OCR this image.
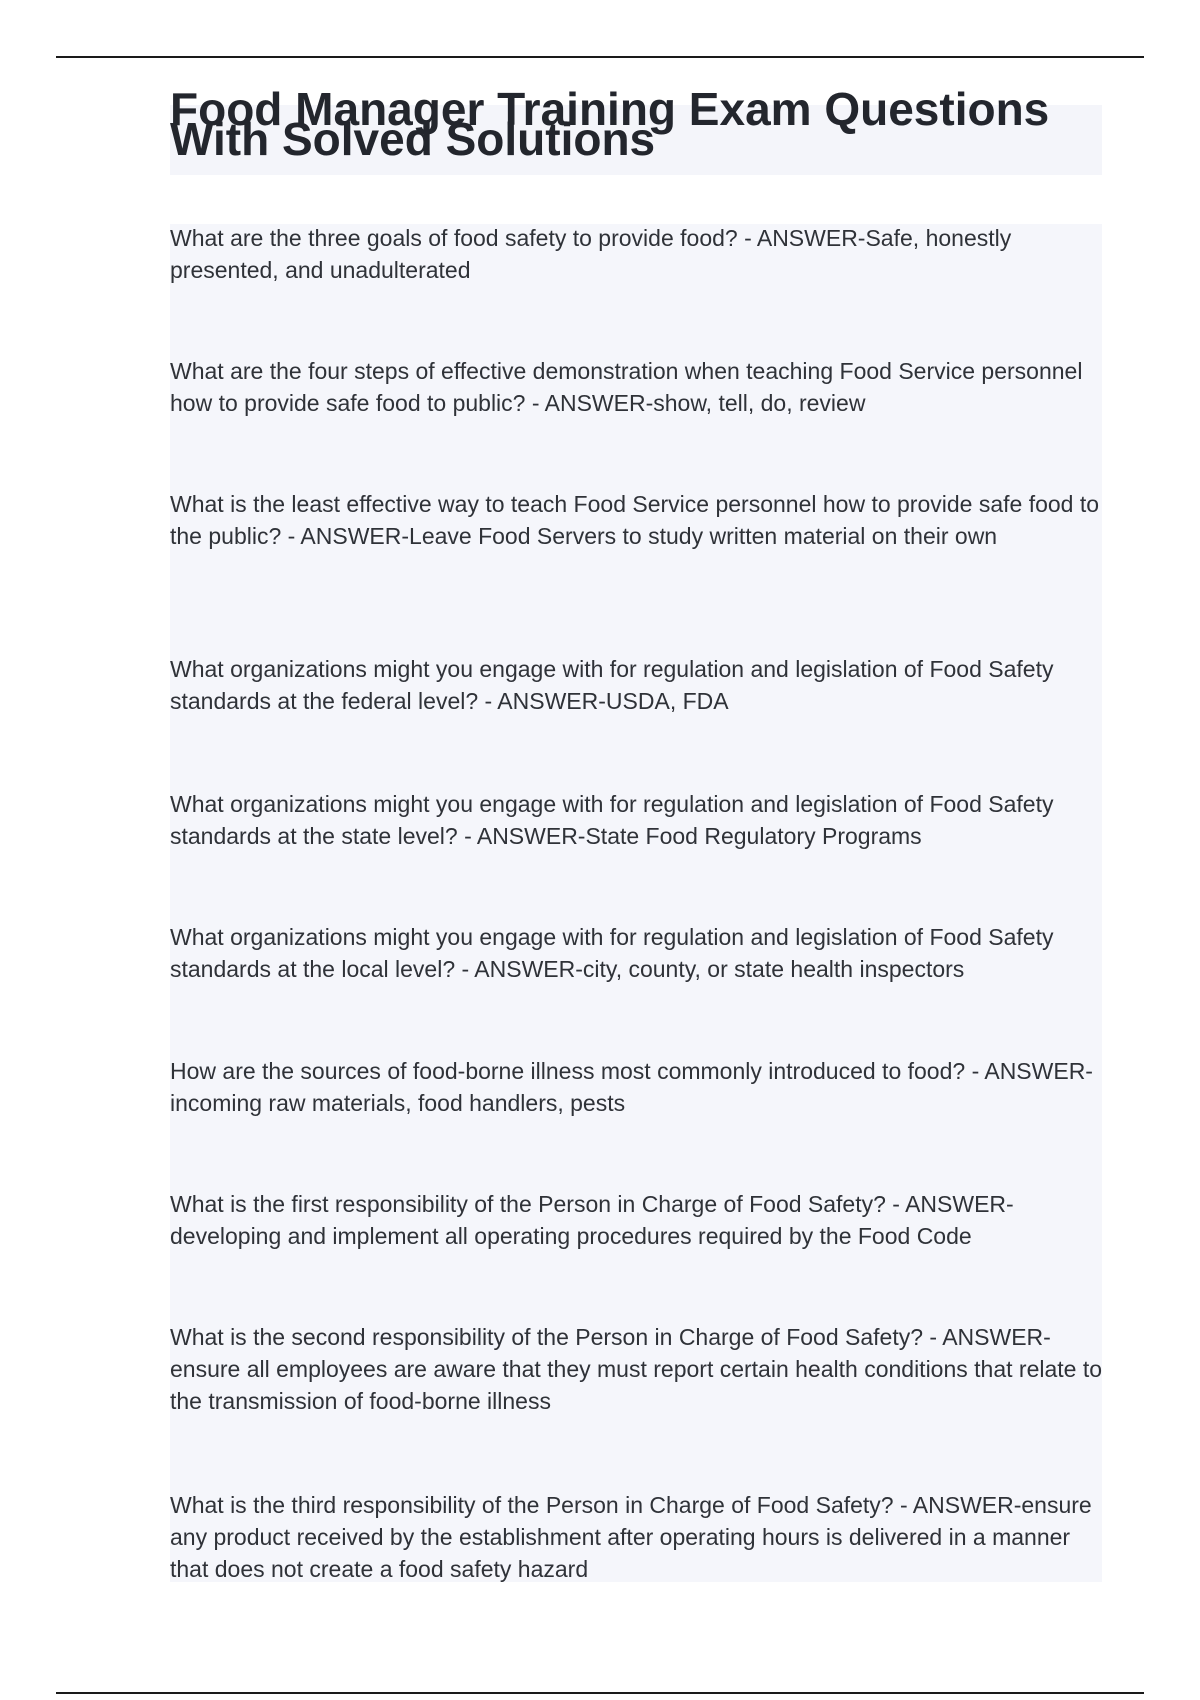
Food Manager Training Exam Questions With Solved Solutions

What are the three goals of food safety to provide food? - ANSWER-Safe, honestly presented, and unadulterated

What are the four steps of effective demonstration when teaching Food Service personnel how to provide safe food to public? - ANSWER-show, tell, do, review

What is the least effective way to teach Food Service personnel how to provide safe food to the public? - ANSWER-Leave Food Servers to study written material on their own

What organizations might you engage with for regulation and legislation of Food Safety standards at the federal level? - ANSWER-USDA, FDA

What organizations might you engage with for regulation and legislation of Food Safety standards at the state level? - ANSWER-State Food Regulatory Programs

What organizations might you engage with for regulation and legislation of Food Safety standards at the local level? - ANSWER-city, county, or state health inspectors

How are the sources of food-borne illness most commonly introduced to food? - ANSWER-incoming raw materials, food handlers, pests

What is the first responsibility of the Person in Charge of Food Safety? - ANSWER-developing and implement all operating procedures required by the Food Code

What is the second responsibility of the Person in Charge of Food Safety? - ANSWER-ensure all employees are aware that they must report certain health conditions that relate to the transmission of food-borne illness

What is the third responsibility of the Person in Charge of Food Safety? - ANSWER-ensure any product received by the establishment after operating hours is delivered in a manner that does not create a food safety hazard
